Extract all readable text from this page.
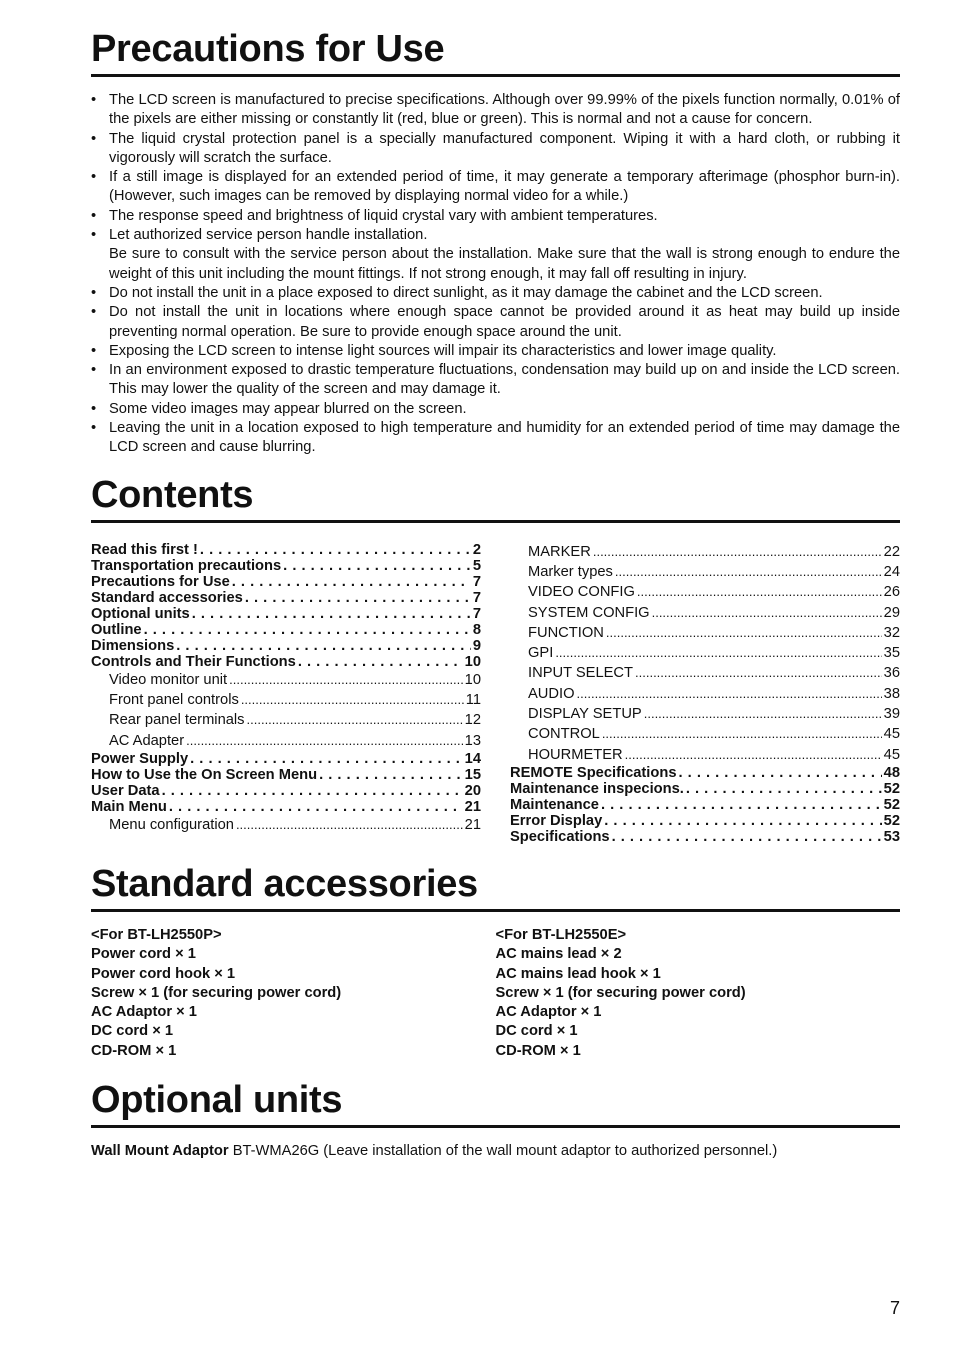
Precautions for Use
• The LCD screen is manufactured to precise specifications. Although over 99.99% of the pixels function normally, 0.01% of the pixels are either missing or constantly lit (red, blue or green). This is normal and not a cause for concern.
• The liquid crystal protection panel is a specially manufactured component. Wiping it with a hard cloth, or rubbing it vigorously will scratch the surface.
• If a still image is displayed for an extended period of time, it may generate a temporary afterimage (phosphor burn-in). (However, such images can be removed by displaying normal video for a while.)
• The response speed and brightness of liquid crystal vary with ambient temperatures.
• Let authorized service person handle installation.
Be sure to consult with the service person about the installation. Make sure that the wall is strong enough to endure the weight of this unit including the mount fittings. If not strong enough, it may fall off resulting in injury.
• Do not install the unit in a place exposed to direct sunlight, as it may damage the cabinet and the LCD screen.
• Do not install the unit in locations where enough space cannot be provided around it as heat may build up inside preventing normal operation. Be sure to provide enough space around the unit.
• Exposing the LCD screen to intense light sources will impair its characteristics and lower image quality.
• In an environment exposed to drastic temperature fluctuations, condensation may build up on and inside the LCD screen. This may lower the quality of the screen and may damage it.
• Some video images may appear blurred on the screen.
• Leaving the unit in a location exposed to high temperature and humidity for an extended period of time may damage the LCD screen and cause blurring.
Contents
Read this first ! . . .	2
Transportation precautions . . .	5
Precautions for Use . . .	7
Standard accessories . . .	7
Optional units . . .	7
Outline . . .	8
Dimensions . . .	9
Controls and Their Functions . . .	10
Video monitor unit .....	10
Front panel controls .....	11
Rear panel terminals .....	12
AC Adapter .....	13
Power Supply . . .	14
How to Use the On Screen Menu . . .	15
User Data . . .	20
Main Menu . . .	21
Menu configuration .....	21
MARKER .....	22
Marker types .....	24
VIDEO CONFIG .....	26
SYSTEM CONFIG .....	29
FUNCTION .....	32
GPI .....	35
INPUT SELECT .....	36
AUDIO .....	38
DISPLAY SETUP .....	39
CONTROL .....	45
HOURMETER .....	45
REMOTE Specifications . . .	48
Maintenance inspecions. . . .	52
Maintenance . . .	52
Error Display . . .	52
Specifications . . .	53
Standard accessories
<For BT-LH2550P>
Power cord × 1
Power cord hook × 1
Screw × 1 (for securing power cord)
AC Adaptor × 1
DC cord × 1
CD-ROM × 1
<For BT-LH2550E>
AC mains lead × 2
AC mains lead hook × 1
Screw × 1 (for securing power cord)
AC Adaptor × 1
DC cord × 1
CD-ROM × 1
Optional units
Wall Mount Adaptor BT-WMA26G (Leave installation of the wall mount adaptor to authorized personnel.)
7
